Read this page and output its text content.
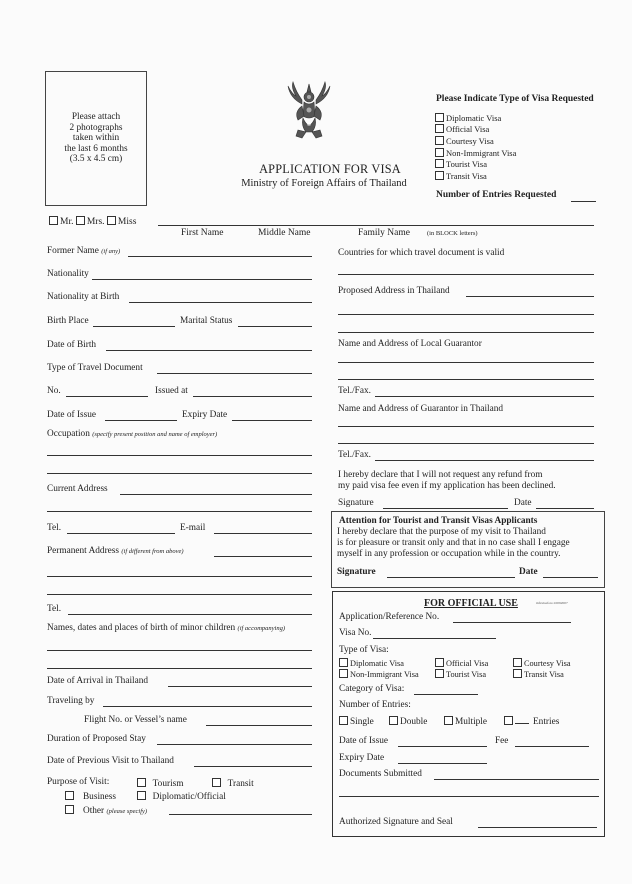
Please attach
2 photographs
taken within
the last 6 months
(3.5 x 4.5 cm)
APPLICATION FOR VISA
Ministry of Foreign Affairs of Thailand
Please Indicate Type of Visa Requested
Diplomatic Visa
Official Visa
Courtesy Visa
Non-Immigrant Visa
Tourist Visa
Transit Visa
Number of Entries Requested
Mr. Mrs. Miss
First Name	Middle Name	Family Name	(in BLOCK letters)
Former Name (if any)
Nationality
Nationality at Birth
Birth Place	Marital Status
Date of Birth
Type of Travel Document
No.	Issued at
Date of Issue	Expiry Date
Occupation (specify present position and name of employer)
Current Address
Tel.	E-mail
Permanent Address (if different from above)
Tel.
Names, dates and places of birth of minor children (if accompanying)
Date of Arrival in Thailand
Traveling by
Flight No. or Vessel’s name
Duration of Proposed Stay
Date of Previous Visit to Thailand
Purpose of Visit:	Tourism	Transit
Business	Diplomatic/Official
Other (please specify)
Countries for which travel document is valid
Proposed Address in Thailand
Name and Address of Local Guarantor
Tel./Fax.
Name and Address of Guarantor in Thailand
Tel./Fax.
I hereby declare that I will not request any refund from
my paid visa fee even if my application has been declined.
Signature	Date
Attention for Tourist and Transit Visas Applicants
I hereby declare that the purpose of my visit to Thailand
is for pleasure or transit only and that in no case shall I engage
myself in any profession or occupation while in the country.
Signature	Date
FOR OFFICIAL USE	mfavisafon=10092007
Application/Reference No.
Visa No.
Type of Visa:
Diplomatic Visa	Official Visa	Courtesy Visa
Non-Immigrant Visa	Tourist Visa	Transit Visa
Category of Visa:
Number of Entries:
Single	Double	Multiple	Entries
Date of Issue	Fee
Expiry Date
Documents Submitted
Authorized Signature and Seal
